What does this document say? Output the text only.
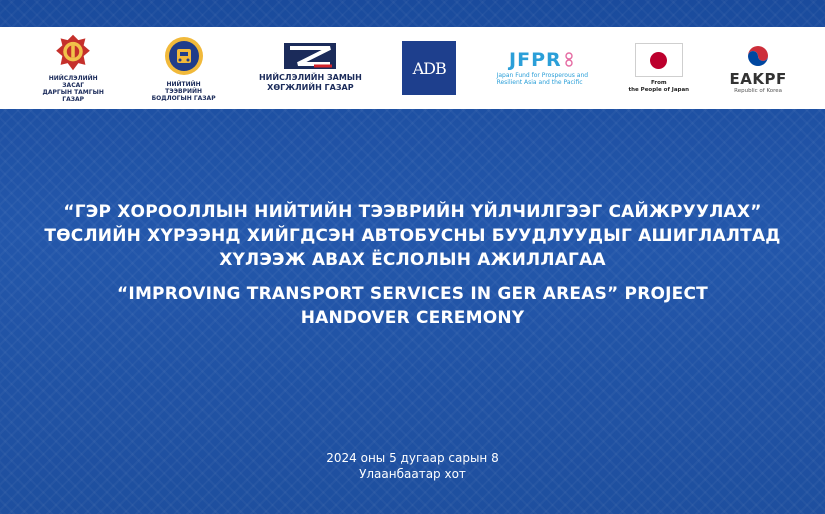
НИЙСЛЭЛИЙН ЗАСАГ
ДАРГЫН ТАМГЫН ГАЗАР
НИЙТИЙН ТЭЭВРИЙН
БОДЛОГЫН ГАЗАР
НИЙСЛЭЛИЙН ЗАМЫН
ХӨГЖЛИЙН ГАЗАР
ADB	JFPR
Japan Fund for Prosperous and
Resilient Asia and the Pacific	From
the People of Japan
EAKPF
Republic of Korea
“ГЭР ХОРООЛЛЫН НИЙТИЙН ТЭЭВРИЙН ҮЙЛЧИЛГЭЭГ САЙЖРУУЛАХ”
ТӨСЛИЙН ХҮРЭЭНД ХИЙГДСЭН АВТОБУСНЫ БУУДЛУУДЫГ АШИГЛАЛТАД
ХҮЛЭЭЖ АВАХ ЁСЛОЛЫН АЖИЛЛАГАА
“IMPROVING TRANSPORT SERVICES IN GER AREAS” PROJECT
HANDOVER CEREMONY
2024 оны 5 дугаар сарын 8
Улаанбаатар хот
